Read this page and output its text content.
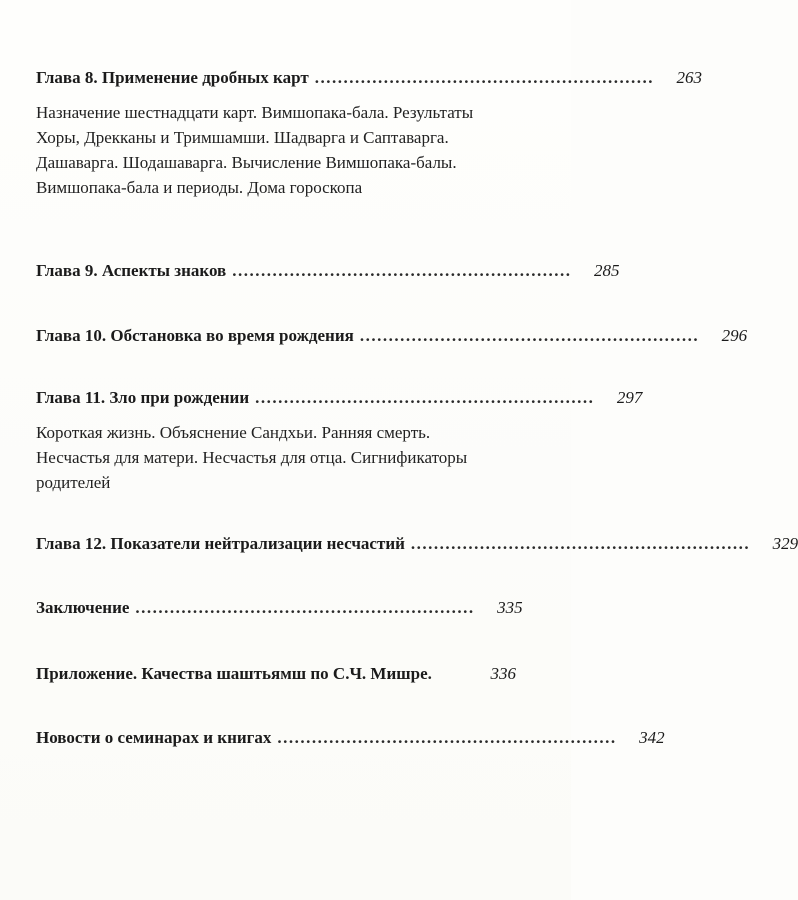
Глава 8. Применение дробных карт ...........................................................	263
Назначение шестнадцати карт. Вимшопака-бала. Результаты Хоры, Дрекканы и Тримшамши. Шадварга и Саптаварга. Дашаварга. Шодашаварга. Вычисление Вимшопака-балы. Вимшопака-бала и периоды. Дома гороскопа
Глава 9. Аспекты знаков ...........................................................	285
Глава 10. Обстановка во время рождения ...........................................................	296
Глава 11. Зло при рождении ...........................................................	297
Короткая жизнь. Объяснение Сандхьи. Ранняя смерть. Несчастья для матери. Несчастья для отца. Сигнификаторы родителей
Глава 12. Показатели нейтрализации несчастий ...........................................................	329
Заключение ...........................................................	335
Приложение. Качества шаштьямш по С.Ч. Мишре .	336
Новости о семинарах и книгах ...........................................................	342
